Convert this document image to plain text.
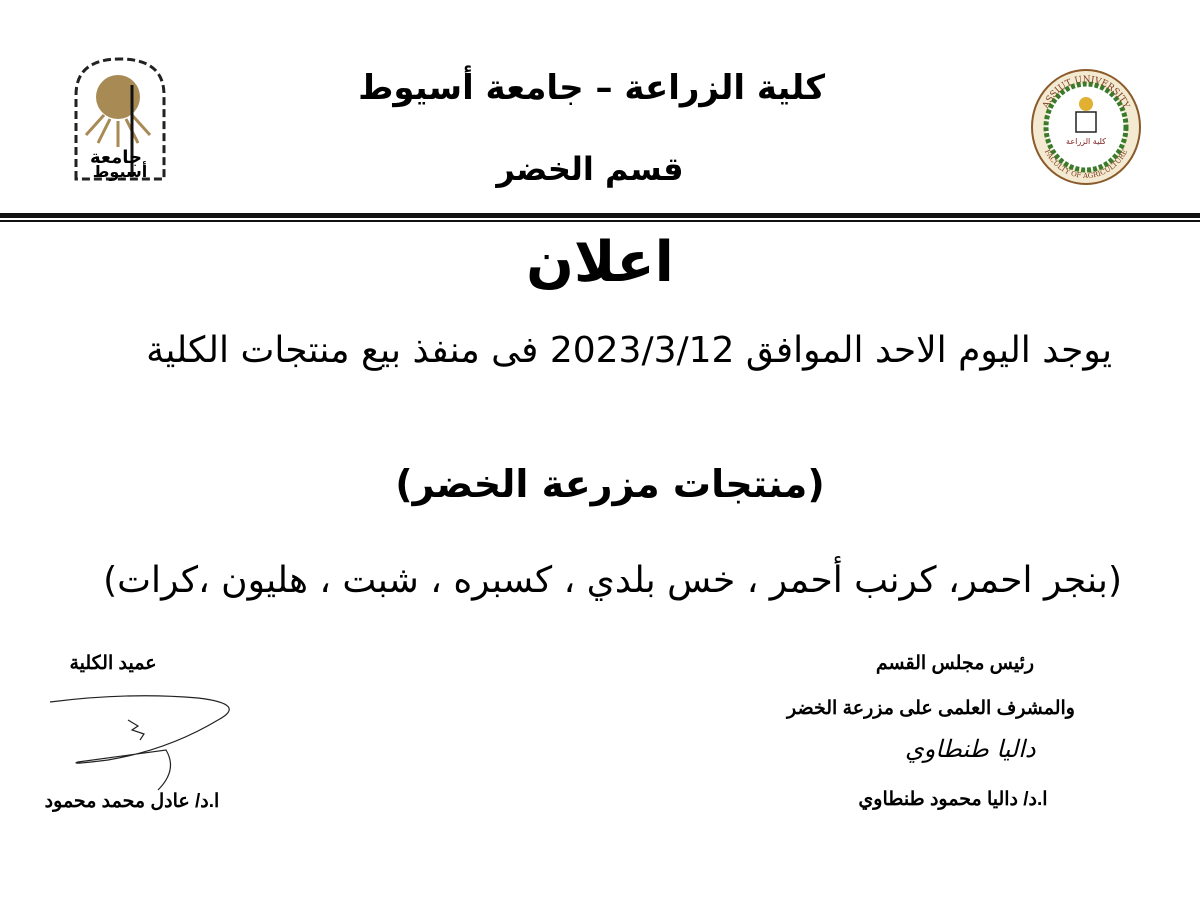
جامعة
أسيوط
ASSIUT UNIVERSITY
FACULTY OF AGRICULTURE
كلية الزراعة
كلية الزراعة – جامعة أسيوط
قسم الخضر
اعلان
يوجد اليوم الاحد الموافق 2023/3/12 فى منفذ بيع منتجات الكلية
(منتجات مزرعة الخضر)
(بنجر احمر، كرنب أحمر ، خس بلدي ، كسبره ، شبت ، هليون ،كرات)
عميد الكلية
ا.د/ عادل محمد محمود
رئيس مجلس القسم
والمشرف العلمى على مزرعة الخضر
داليا طنطاوي
ا.د/ داليا محمود طنطاوي
